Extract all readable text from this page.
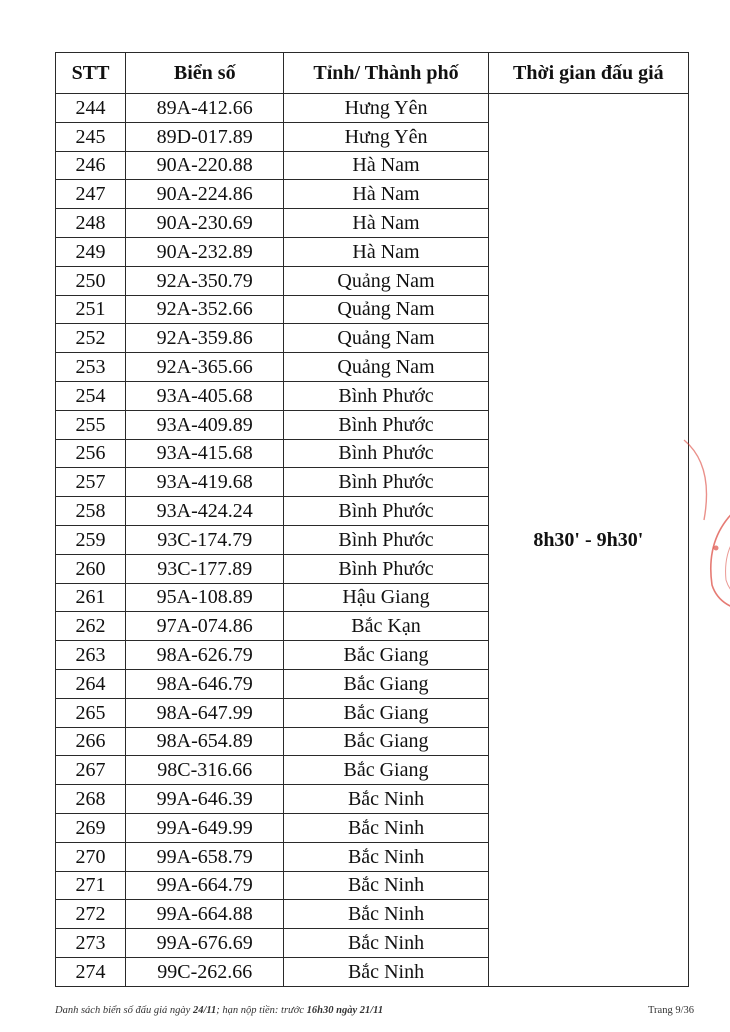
STT	Biển số	Tỉnh/ Thành phố	Thời gian đấu giá
244	89A-412.66	Hưng Yên	8h30' - 9h30'
245	89D-017.89	Hưng Yên	
246	90A-220.88	Hà Nam	
247	90A-224.86	Hà Nam	
248	90A-230.69	Hà Nam	
249	90A-232.89	Hà Nam	
250	92A-350.79	Quảng Nam	
251	92A-352.66	Quảng Nam	
252	92A-359.86	Quảng Nam	
253	92A-365.66	Quảng Nam	
254	93A-405.68	Bình Phước	
255	93A-409.89	Bình Phước	
256	93A-415.68	Bình Phước	
257	93A-419.68	Bình Phước	
258	93A-424.24	Bình Phước	
259	93C-174.79	Bình Phước	
260	93C-177.89	Bình Phước	
261	95A-108.89	Hậu Giang	
262	97A-074.86	Bắc Kạn	
263	98A-626.79	Bắc Giang	
264	98A-646.79	Bắc Giang	
265	98A-647.99	Bắc Giang	
266	98A-654.89	Bắc Giang	
267	98C-316.66	Bắc Giang	
268	99A-646.39	Bắc Ninh	
269	99A-649.99	Bắc Ninh	
270	99A-658.79	Bắc Ninh	
271	99A-664.79	Bắc Ninh	
272	99A-664.88	Bắc Ninh	
273	99A-676.69	Bắc Ninh	
274	99C-262.66	Bắc Ninh	
Danh sách biển số đấu giá ngày 24/11; hạn nộp tiền: trước 16h30 ngày 21/11	Trang 9/36
